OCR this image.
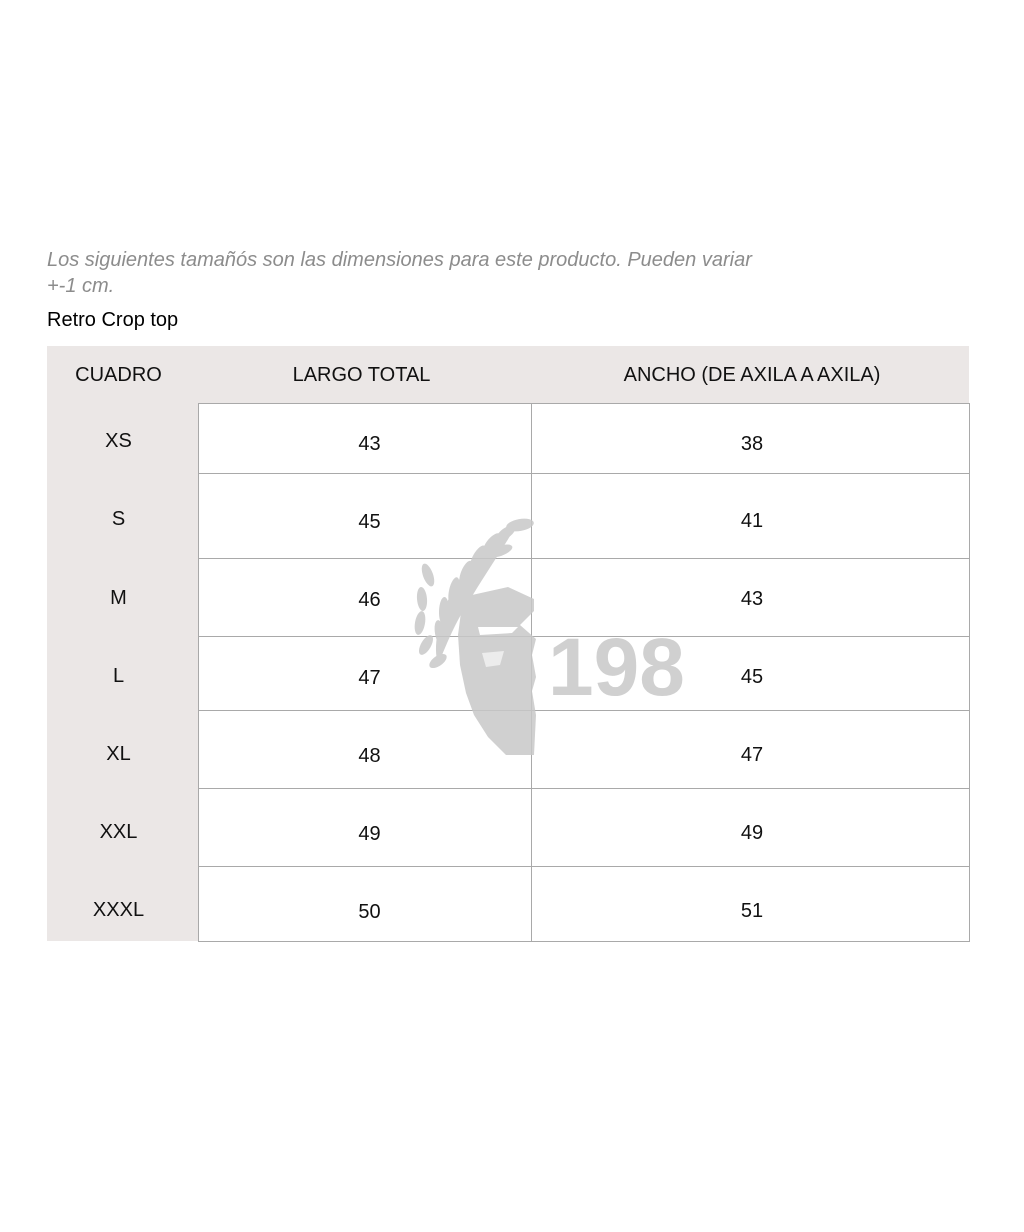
Los siguientes tamañós son las dimensiones para este producto. Pueden variar
+-1 cm.

Retro Crop top
CUADRO	LARGO TOTAL	ANCHO (DE AXILA A AXILA)
XS	43	38
S	45	41
M	46	43
L	47	45
XL	48	47
XXL	49	49
XXXL	50	51
198
